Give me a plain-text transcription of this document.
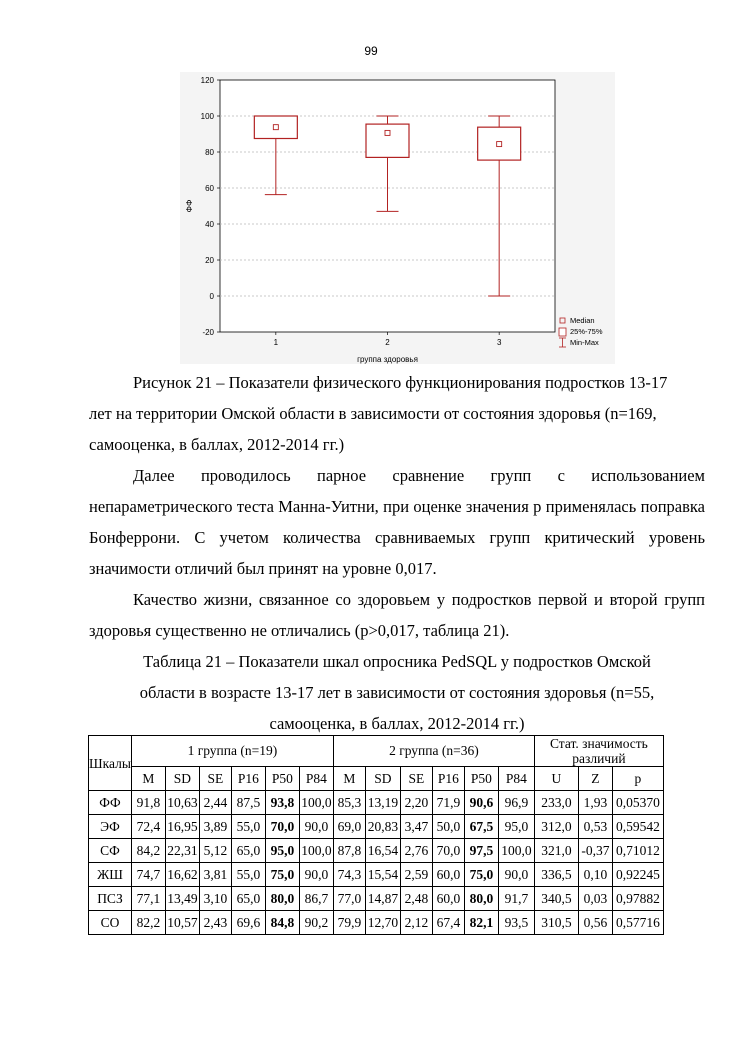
99
120
100
80
60
40
20
0
-20
ФФ
1	2	3
группа здоровья
Median
25%-75%
Min-Max
Рисунок 21 – Показатели физического функционирования подростков 13-17
лет на территории Омской области в зависимости от состояния здоровья (n=169,
самооценка, в баллах, 2012-2014 гг.)
Далее проводилось парное сравнение групп с использованием непараметрического теста Манна-Уитни, при оценке значения p применялась поправка Бонферрони. С учетом количества сравниваемых групп критический уровень значимости отличий был принят на уровне 0,017.
Качество жизни, связанное со здоровьем у подростков первой и второй групп здоровья существенно не отличались (p>0,017, таблица 21).
Таблица 21 – Показатели шкал опросника PedSQL у подростков Омской
области в возрасте 13-17 лет в зависимости от состояния здоровья (n=55,
самооценка, в баллах, 2012-2014 гг.)
Шкалы	1 группа (n=19)						2 группа (n=36)						Стат. значимость различий		
	M	SD	SE	P16	P50	P84	M	SD	SE	P16	P50	P84	U	Z	p
ФФ	91,8	10,63	2,44	87,5	93,8	100,0	85,3	13,19	2,20	71,9	90,6	96,9	233,0	1,93	0,05370
ЭФ	72,4	16,95	3,89	55,0	70,0	90,0	69,0	20,83	3,47	50,0	67,5	95,0	312,0	0,53	0,59542
СФ	84,2	22,31	5,12	65,0	95,0	100,0	87,8	16,54	2,76	70,0	97,5	100,0	321,0	-0,37	0,71012
ЖШ	74,7	16,62	3,81	55,0	75,0	90,0	74,3	15,54	2,59	60,0	75,0	90,0	336,5	0,10	0,92245
ПСЗ	77,1	13,49	3,10	65,0	80,0	86,7	77,0	14,87	2,48	60,0	80,0	91,7	340,5	0,03	0,97882
СО	82,2	10,57	2,43	69,6	84,8	90,2	79,9	12,70	2,12	67,4	82,1	93,5	310,5	0,56	0,57716
